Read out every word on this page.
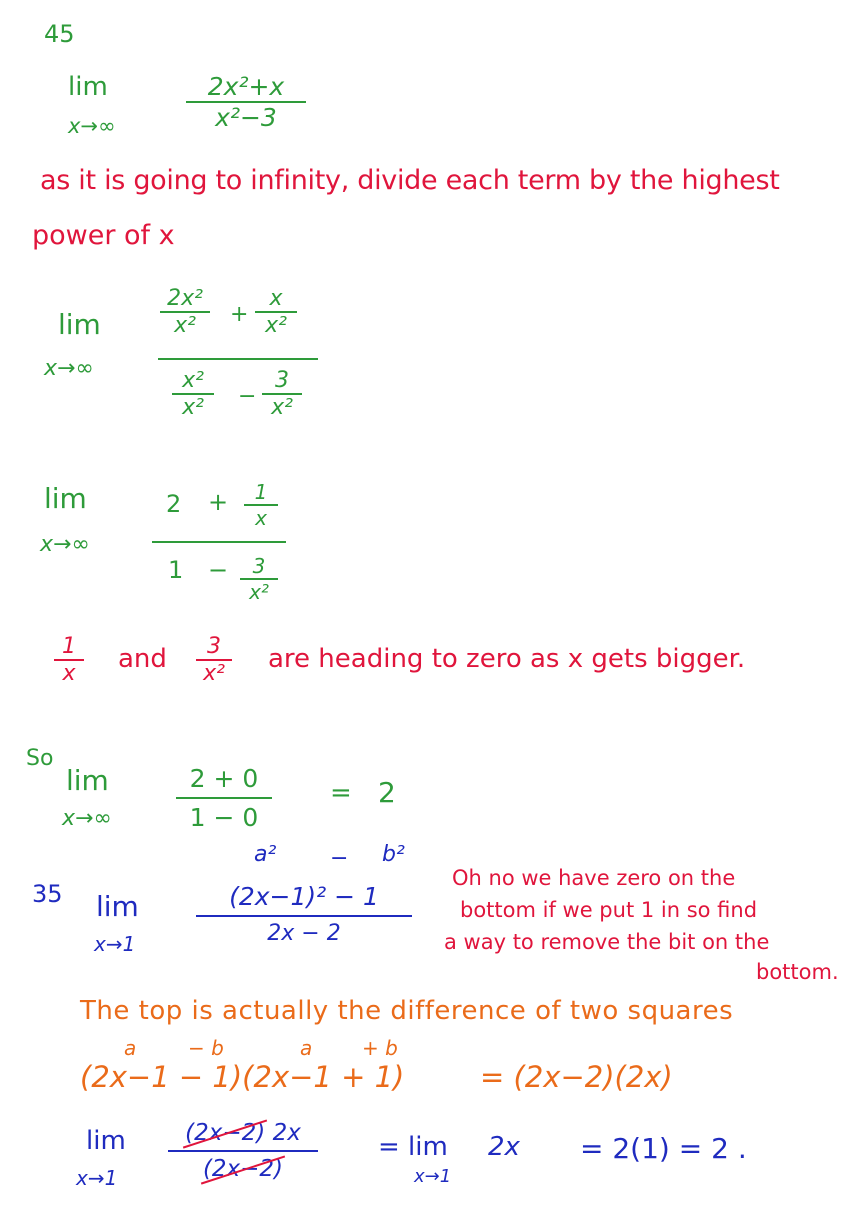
45
lim
x→∞
2x²+x
x²−3
as it is going to infinity, divide each term by the highest
power of x
lim
x→∞
2x²
x² +
x
x²
x²
x² −
3
x²
lim
x→∞
2 + 1
x
1 − 3
x²
1
x and 3
x² are heading to zero as x gets bigger.
So
lim
x→∞
2 + 0
1 − 0
= 2
a² − b²
35 lim
x→1
(2x−1)² − 1
2x − 2
Oh no we have zero on the
bottom if we put 1 in so find
a way to remove the bit on the
bottom.
The top is actually the difference of two squares
a	− b	a + b
(2x−1 − 1)(2x−1 + 1)	= (2x−2)(2x)
lim
x→1
(2x−2) 2x
(2x−2)
= lim
x→1
2x = 2(1) = 2 .
